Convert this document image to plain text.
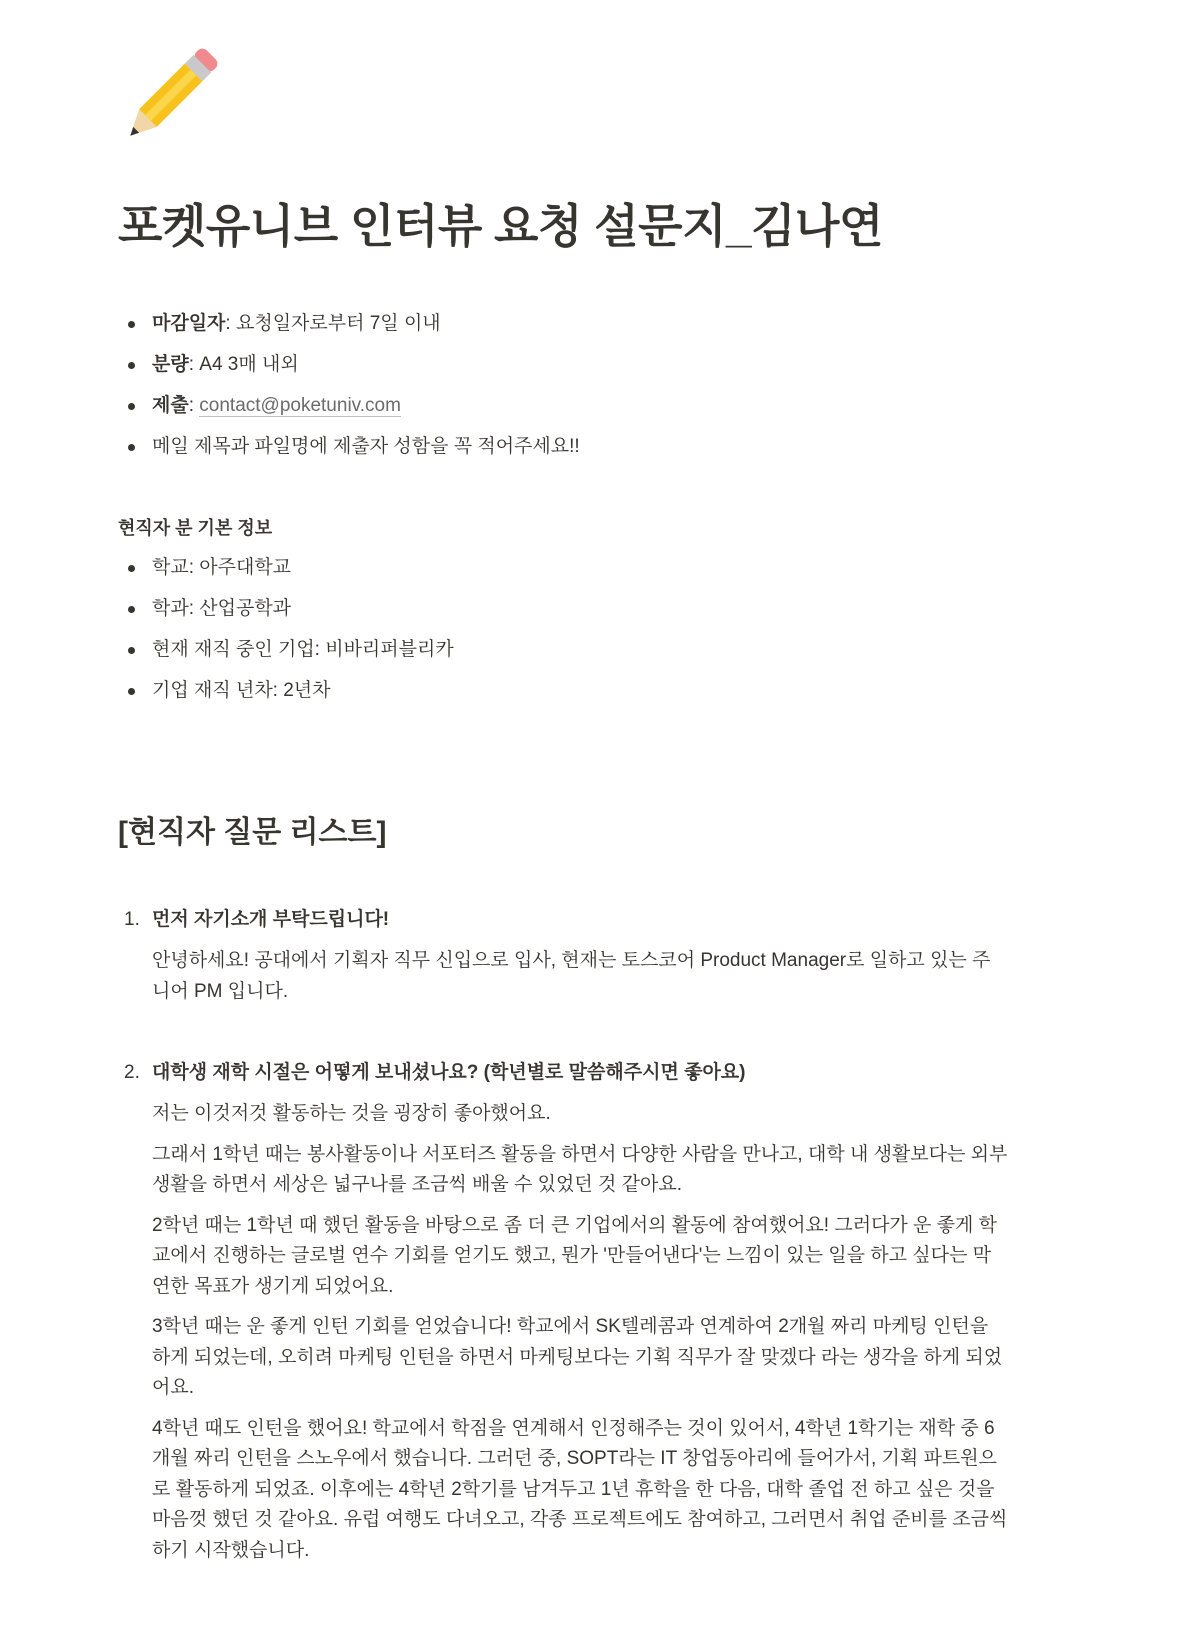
포켓유니브 인터뷰 요청 설문지_김나연
마감일자: 요청일자로부터 7일 이내
분량: A4 3매 내외
제출: contact@poketuniv.com
메일 제목과 파일명에 제출자 성함을 꼭 적어주세요!!
현직자 분 기본 정보
학교: 아주대학교
학과: 산업공학과
현재 재직 중인 기업: 비바리퍼블리카
기업 재직 년차: 2년차
[현직자 질문 리스트]
1. 먼저 자기소개 부탁드립니다!
안녕하세요! 공대에서 기획자 직무 신입으로 입사, 현재는 토스코어 Product Manager로 일하고 있는 주니어 PM 입니다.
2. 대학생 재학 시절은 어떻게 보내셨나요? (학년별로 말씀해주시면 좋아요)
저는 이것저것 활동하는 것을 굉장히 좋아했어요.
그래서 1학년 때는 봉사활동이나 서포터즈 활동을 하면서 다양한 사람을 만나고, 대학 내 생활보다는 외부 생활을 하면서 세상은 넓구나를 조금씩 배울 수 있었던 것 같아요.
2학년 때는 1학년 때 했던 활동을 바탕으로 좀 더 큰 기업에서의 활동에 참여했어요! 그러다가 운 좋게 학교에서 진행하는 글로벌 연수 기회를 얻기도 했고, 뭔가 '만들어낸다'는 느낌이 있는 일을 하고 싶다는 막연한 목표가 생기게 되었어요.
3학년 때는 운 좋게 인턴 기회를 얻었습니다! 학교에서 SK텔레콤과 연계하여 2개월 짜리 마케팅 인턴을 하게 되었는데, 오히려 마케팅 인턴을 하면서 마케팅보다는 기획 직무가 잘 맞겠다 라는 생각을 하게 되었어요.
4학년 때도 인턴을 했어요! 학교에서 학점을 연계해서 인정해주는 것이 있어서, 4학년 1학기는 재학 중 6개월 짜리 인턴을 스노우에서 했습니다. 그러던 중, SOPT라는 IT 창업동아리에 들어가서, 기획 파트원으로 활동하게 되었죠. 이후에는 4학년 2학기를 남겨두고 1년 휴학을 한 다음, 대학 졸업 전 하고 싶은 것을 마음껏 했던 것 같아요. 유럽 여행도 다녀오고, 각종 프로젝트에도 참여하고, 그러면서 취업 준비를 조금씩 하기 시작했습니다.
